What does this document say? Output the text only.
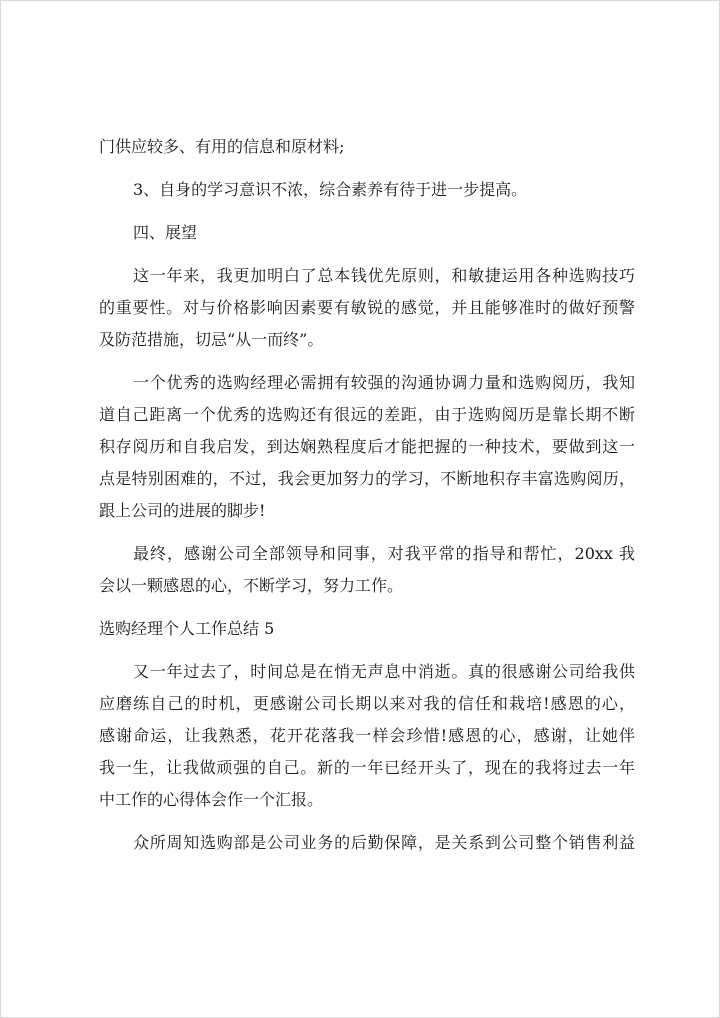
门供应较多、有用的信息和原材料;
3、自身的学习意识不浓，综合素养有待于进一步提高。
四、展望
这一年来，我更加明白了总本钱优先原则，和敏捷运用各种选购技巧
的重要性。对与价格影响因素要有敏锐的感觉，并且能够准时的做好预警
及防范措施，切忌“从一而终”。
一个优秀的选购经理必需拥有较强的沟通协调力量和选购阅历，我知
道自己距离一个优秀的选购还有很远的差距，由于选购阅历是靠长期不断
积存阅历和自我启发，到达娴熟程度后才能把握的一种技术，要做到这一
点是特别困难的，不过，我会更加努力的学习，不断地积存丰富选购阅历，
跟上公司的进展的脚步!
最终，感谢公司全部领导和同事，对我平常的指导和帮忙，20xx 我
会以一颗感恩的心，不断学习，努力工作。
选购经理个人工作总结 5
又一年过去了，时间总是在悄无声息中消逝。真的很感谢公司给我供
应磨练自己的时机，更感谢公司长期以来对我的信任和栽培!感恩的心，
感谢命运，让我熟悉，花开花落我一样会珍惜!感恩的心，感谢，让她伴
我一生，让我做顽强的自己。新的一年已经开头了，现在的我将过去一年
中工作的心得体会作一个汇报。
众所周知选购部是公司业务的后勤保障，是关系到公司整个销售利益
